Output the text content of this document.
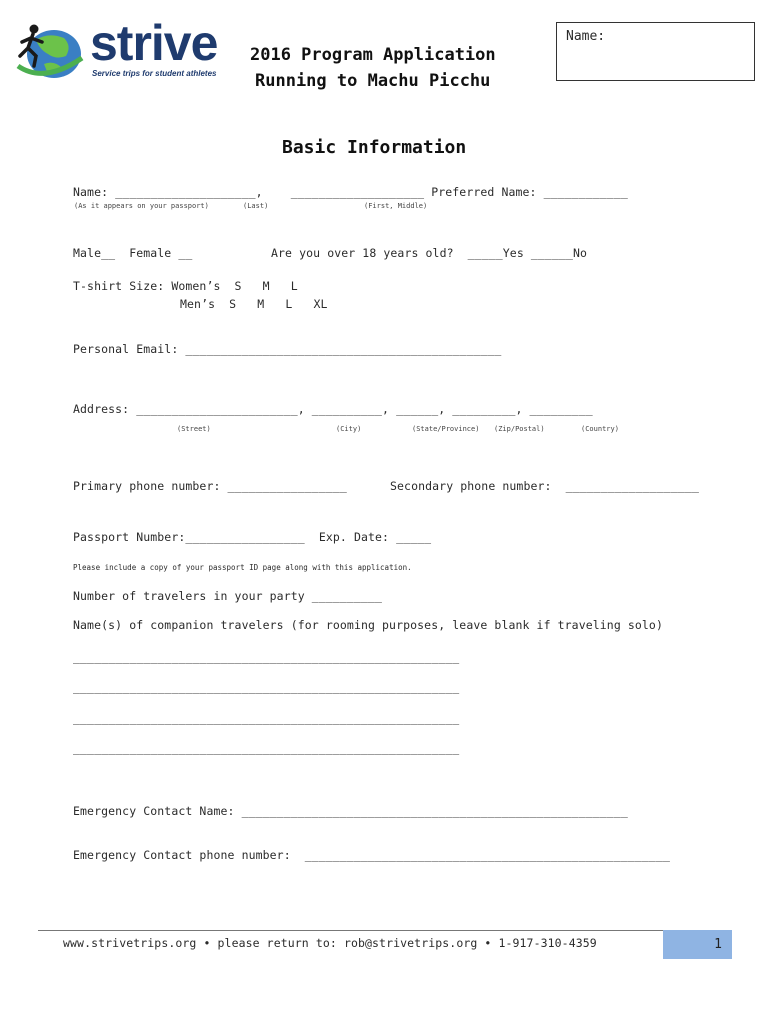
strive
Service trips for student athletes
2016 Program Application
Running to Machu Picchu
Name:
Basic Information
Name: ____________________,    ___________________ Preferred Name: ____________
(As it appears on your passport)	(Last)	(First, Middle)
Male__  Female __	Are you over 18 years old?  _____Yes ______No
T-shirt Size: Women’s  S   M   L
Men’s  S   M   L   XL
Personal Email: _____________________________________________
Address: _______________________, __________, ______, _________, _________
(Street)	(City)	(State/Province) (Zip/Postal)	(Country)
Primary phone number: _________________	Secondary phone number:  ___________________
Passport Number:_________________  Exp. Date: _____
Please include a copy of your passport ID page along with this application.
Number of travelers in your party __________
Name(s) of companion travelers (for rooming purposes, leave blank if traveling solo)
_______________________________________________________
_______________________________________________________
_______________________________________________________
_______________________________________________________
Emergency Contact Name: _______________________________________________________
Emergency Contact phone number:  ____________________________________________________
www.strivetrips.org • please return to: rob@strivetrips.org • 1-917-310-4359	1
